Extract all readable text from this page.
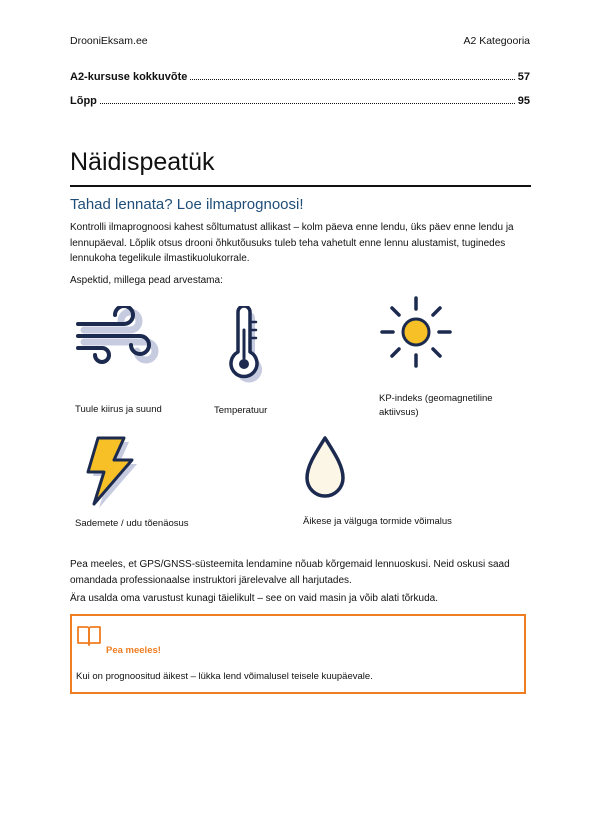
DrooniEksam.ee	A2 Kategooria
A2-kursuse kokkuvõte	57
Lõpp	95
Näidispeatük
Tahad lennata? Loe ilmaprognoosi!
Kontrolli ilmaprognoosi kahest sõltumatust allikast – kolm päeva enne lendu, üks päev enne lendu ja lennupäeval. Lõplik otsus drooni õhkutõusuks tuleb teha vahetult enne lennu alustamist, tuginedes lennukoha tegelikule ilmastikuolukorrale.
Aspektid, millega pead arvestama:
Tuule kiirus ja suund	Temperatuur
KP-indeks (geomagnetiline aktiivsus)
Sademete / udu tõenäosus	Äikese ja välguga tormide võimalus
Pea meeles, et GPS/GNSS-süsteemita lendamine nõuab kõrgemaid lennuoskusi. Neid oskusi saad omandada professionaalse instruktori järelevalve all harjutades.
Ära usalda oma varustust kunagi täielikult – see on vaid masin ja võib alati tõrkuda.
Pea meeles!
Kui on prognoositud äikest – lükka lend võimalusel teisele kuupäevale.
